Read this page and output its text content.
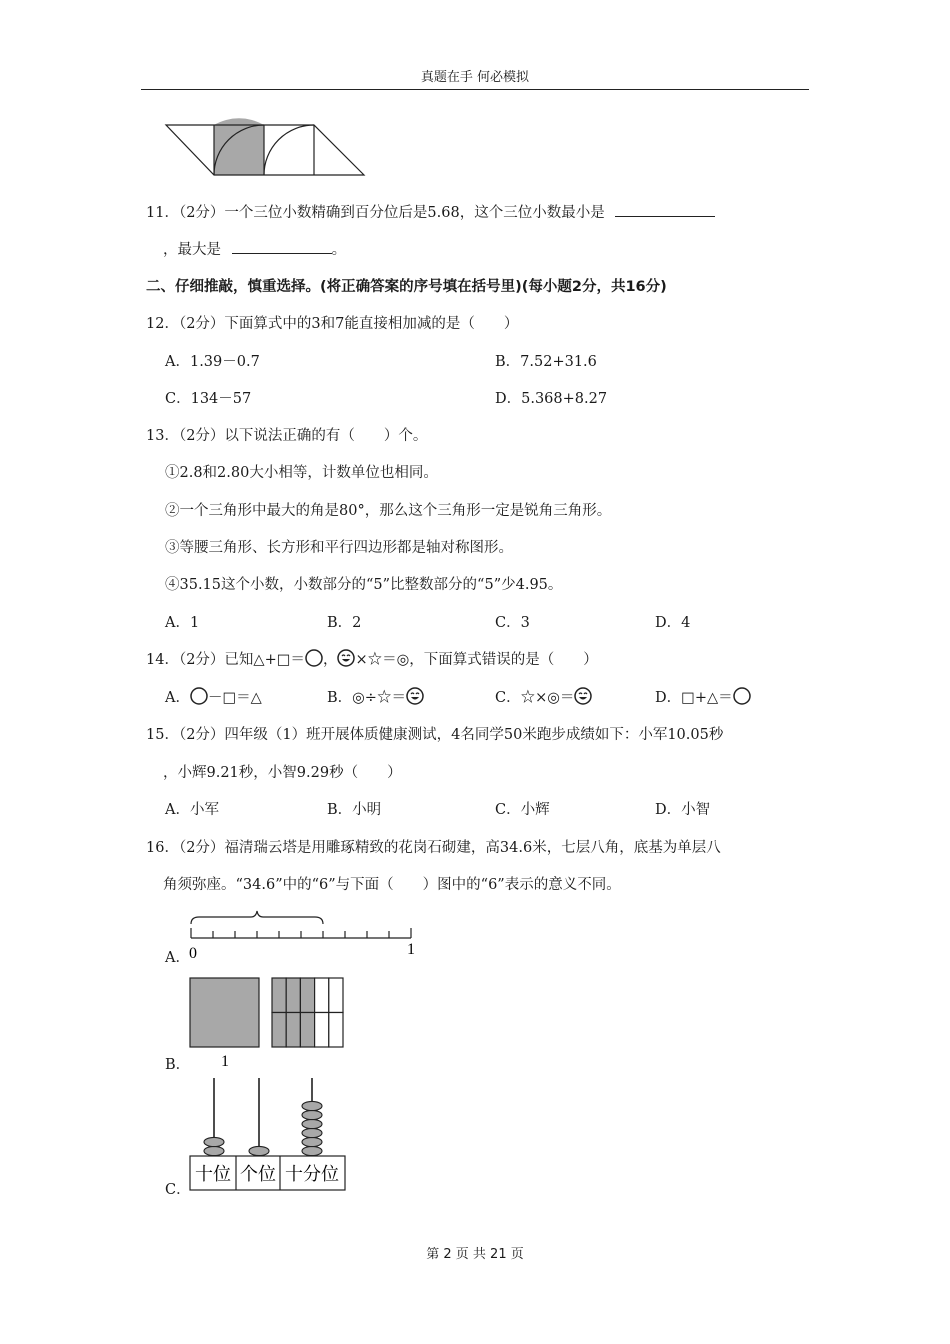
真题在手 何必模拟
11．（2分）一个三位小数精确到百分位后是5.68，这个三位小数最小是
，最大是	。
二、仔细推敲，慎重选择。(将正确答案的序号填在括号里)(每小题2分，共16分)
12．（2分）下面算式中的3和7能直接相加减的是（　　）
A．1.39－0.7	B．7.52+31.6
C．134－57	D．5.368+8.27
13．（2分）以下说法正确的有（　　）个。
①2.8和2.80大小相等，计数单位也相同。
②一个三角形中最大的角是80°，那么这个三角形一定是锐角三角形。
③等腰三角形、长方形和平行四边形都是轴对称图形。
④35.15这个小数，小数部分的“5”比整数部分的“5”少4.95。
A．1	B．2	C．3	D．4
14．（2分）已知△+□＝ ， ×☆＝◎，下面算式错误的是（　　）
A． －□＝△	B．◎÷☆＝	C．☆×◎＝	D．□+△＝
15．（2分）四年级（1）班开展体质健康测试，4名同学50米跑步成绩如下：小军10.05秒
，小辉9.21秒，小智9.29秒（　　）
A．小军	B．小明	C．小辉	D．小智
16．（2分）福清瑞云塔是用雕琢精致的花岗石砌建，高34.6米，七层八角，底基为单层八
角须弥座。“34.6”中的“6”与下面（　　）图中的“6”表示的意义不同。
A． 0	1
B． 1
C．
十位 个位 十分位
第 2 页 共 21 页
